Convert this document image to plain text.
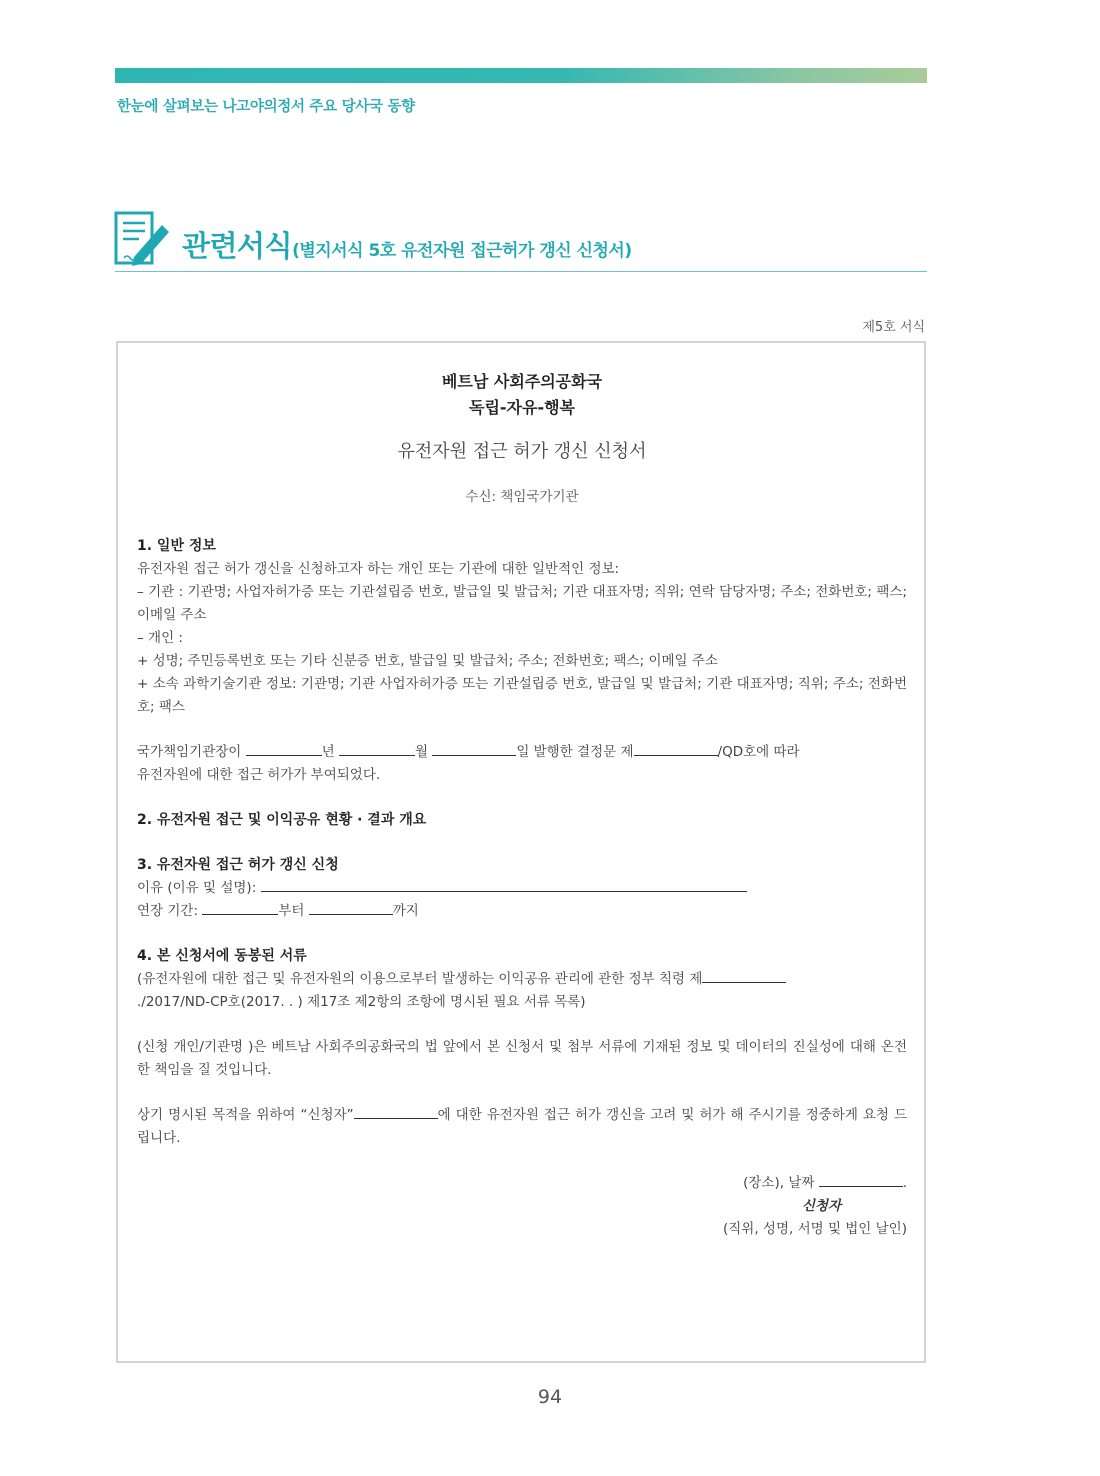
한눈에 살펴보는 나고야의정서 주요 당사국 동향
관련서식(별지서식 5호 유전자원 접근허가 갱신 신청서)
제5호 서식
베트남 사회주의공화국
독립-자유-행복
유전자원 접근 허가 갱신 신청서
수신: 책임국가기관

1. 일반 정보

유전자원 접근 허가 갱신을 신청하고자 하는 개인 또는 기관에 대한 일반적인 정보:

– 기관 : 기관명; 사업자허가증 또는 기관설립증 번호, 발급일 및 발급처; 기관 대표자명; 직위; 연락 담당자명; 주소; 전화번호; 팩스; 이메일 주소

– 개인 :

+ 성명; 주민등록번호 또는 기타 신분증 번호, 발급일 및 발급처; 주소; 전화번호; 팩스; 이메일 주소

+ 소속 과학기술기관 정보: 기관명; 기관 사업자허가증 또는 기관설립증 번호, 발급일 및 발급처; 기관 대표자명; 직위; 주소; 전화번호; 팩스

국가책임기관장이	년	월	일 발행한 결정문 제	/QD호에 따라

유전자원에 대한 접근 허가가 부여되었다.

2. 유전자원 접근 및 이익공유 현황 · 결과 개요

3. 유전자원 접근 허가 갱신 신청

이유 (이유 및 설명):

연장 기간:	부터	까지

4. 본 신청서에 동봉된 서류

(유전자원에 대한 접근 및 유전자원의 이용으로부터 발생하는 이익공유 관리에 관한 정부 칙령 제

./2017/ND-CP호(2017. . ) 제17조 제2항의 조항에 명시된 필요 서류 목록)

(신청 개인/기관명 )은 베트남 사회주의공화국의 법 앞에서 본 신청서 및 첨부 서류에 기재된 정보 및 데이터의 진실성에 대해 온전한 책임을 질 것입니다.

상기 명시된 목적을 위하여 “신청자”	에 대한 유전자원 접근 허가 갱신을 고려 및 허가 해 주시기를 정중하게 요청 드립니다.

(장소), 날짜	.

신청자

(직위, 성명, 서명 및 법인 날인)

94
